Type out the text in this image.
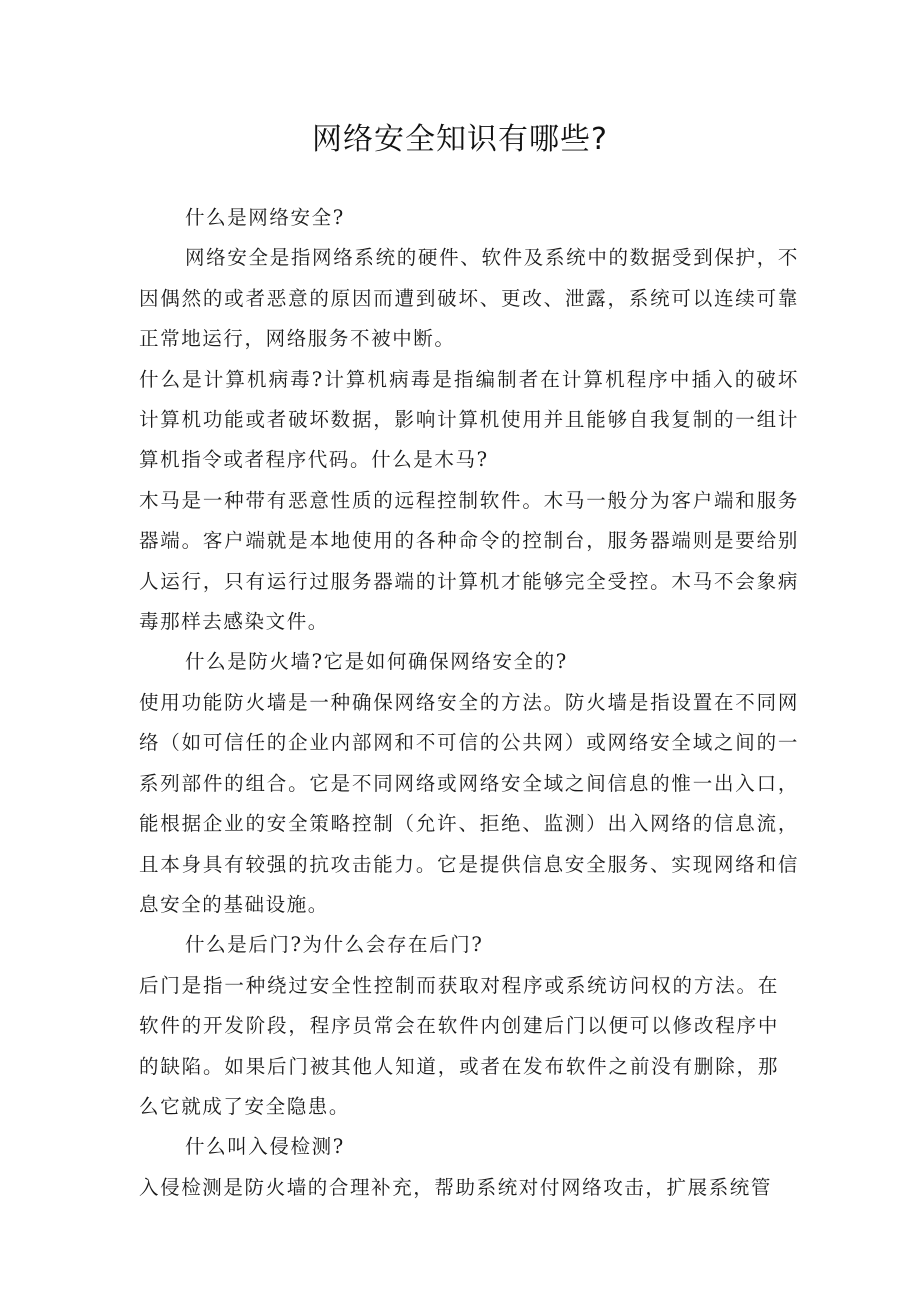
网络安全知识有哪些?

什么是网络安全?

网络安全是指网络系统的硬件、软件及系统中的数据受到保护，不因偶然的或者恶意的原因而遭到破坏、更改、泄露，系统可以连续可靠正常地运行，网络服务不被中断。

什么是计算机病毒?计算机病毒是指编制者在计算机程序中插入的破坏计算机功能或者破坏数据，影响计算机使用并且能够自我复制的一组计算机指令或者程序代码。什么是木马?

木马是一种带有恶意性质的远程控制软件。木马一般分为客户端和服务器端。客户端就是本地使用的各种命令的控制台，服务器端则是要给别人运行，只有运行过服务器端的计算机才能够完全受控。木马不会象病毒那样去感染文件。

什么是防火墙?它是如何确保网络安全的?

使用功能防火墙是一种确保网络安全的方法。防火墙是指设置在不同网络（如可信任的企业内部网和不可信的公共网）或网络安全域之间的一系列部件的组合。它是不同网络或网络安全域之间信息的惟一出入口，能根据企业的安全策略控制（允许、拒绝、监测）出入网络的信息流，且本身具有较强的抗攻击能力。它是提供信息安全服务、实现网络和信息安全的基础设施。

什么是后门?为什么会存在后门?

后门是指一种绕过安全性控制而获取对程序或系统访问权的方法。在软件的开发阶段，程序员常会在软件内创建后门以便可以修改程序中的缺陷。如果后门被其他人知道，或者在发布软件之前没有删除，那么它就成了安全隐患。

什么叫入侵检测?

入侵检测是防火墙的合理补充，帮助系统对付网络攻击，扩展系统管
